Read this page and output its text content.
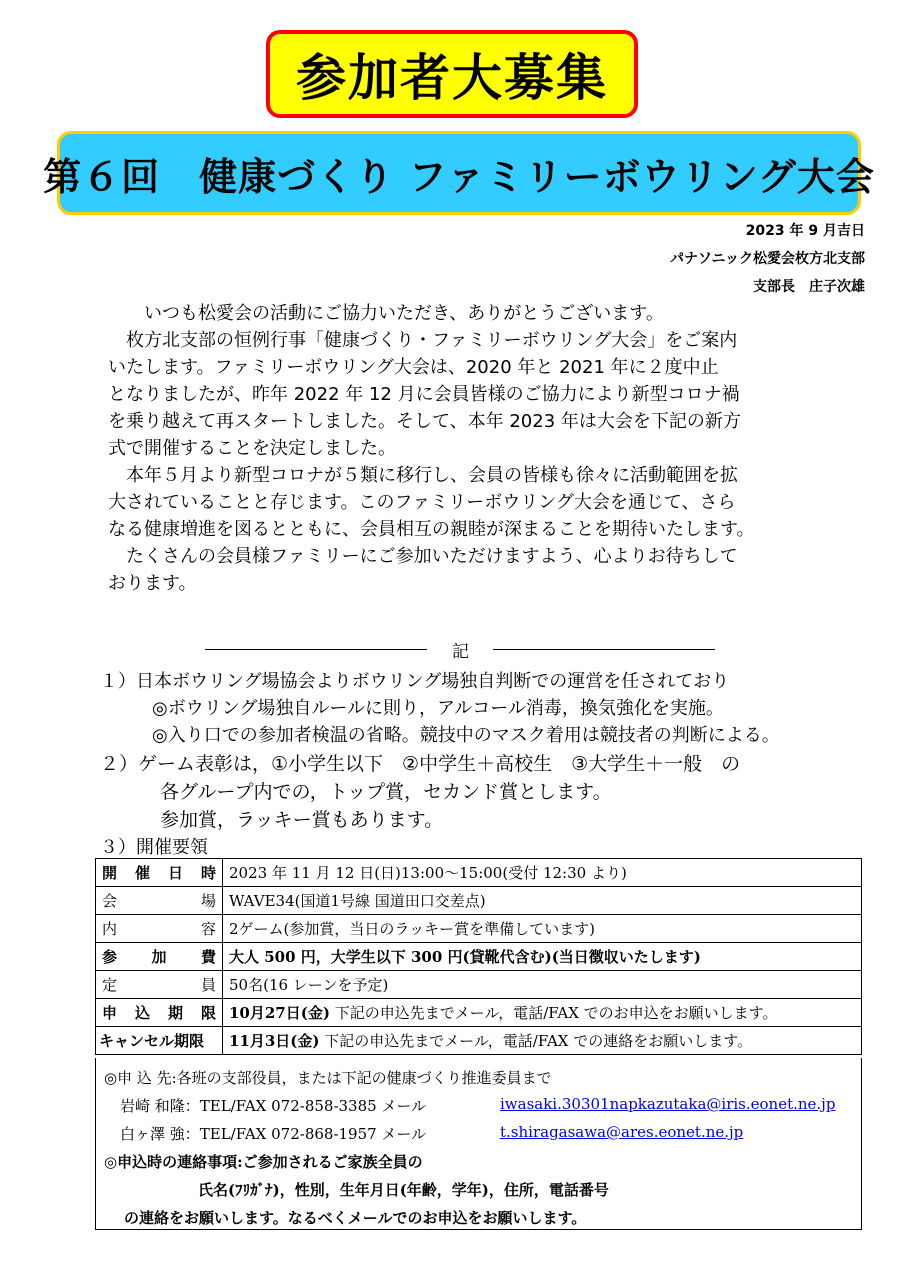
参加者大募集
第６回　健康づくり ファミリーボウリング大会
2023 年 9 月吉日
パナソニック松愛会枚方北支部
支部長　庄子次雄
　　いつも松愛会の活動にご協力いただき、ありがとうございます。
　枚方北支部の恒例行事「健康づくり・ファミリーボウリング大会」をご案内
いたします。ファミリーボウリング大会は、2020 年と 2021 年に２度中止
となりましたが、昨年 2022 年 12 月に会員皆様のご協力により新型コロナ禍
を乗り越えて再スタートしました。そして、本年 2023 年は大会を下記の新方
式で開催することを決定しました。
　本年５月より新型コロナが５類に移行し、会員の皆様も徐々に活動範囲を拡
大されていることと存じます。このファミリーボウリング大会を通じて、さら
なる健康増進を図るとともに、会員相互の親睦が深まることを期待いたします。
　たくさんの会員様ファミリーにご参加いただけますよう、心よりお待ちして
おります。
記
１）日本ボウリング場協会よりボウリング場独自判断での運営を任されており
◎ボウリング場独自ルールに則り，アルコール消毒，換気強化を実施。
◎入り口での参加者検温の省略。競技中のマスク着用は競技者の判断による。
２）ゲーム表彰は，①小学生以下　②中学生＋高校生　③大学生＋一般　の
各グループ内での，トップ賞，セカンド賞とします。
参加賞，ラッキー賞もあります。
３）開催要領
開 催 日 時	2023 年 11 月 12 日(日)13:00～15:00(受付 12:30 より)

会 場	WAVE34(国道1号線 国道田口交差点)

内 容	2ゲーム(参加賞，当日のラッキー賞を準備しています)

参 加 費	大人 500 円，大学生以下 300 円(貸靴代含む)(当日徴収いたします)

定 員	50名(16 レーンを予定)

申 込 期 限	10月27日(金) 下記の申込先までメール，電話/FAX でのお申込をお願いします。
キャンセル期限	11月3日(金) 下記の申込先までメール，電話/FAX での連絡をお願いします。
◎申 込 先:各班の支部役員，または下記の健康づくり推進委員まで
岩崎 和隆：TEL/FAX 072-858-3385 メール	iwasaki.30301napkazutaka@iris.eonet.ne.jp
白ヶ澤 強：TEL/FAX 072-868-1957 メール	t.shiragasawa@ares.eonet.ne.jp
◎申込時の連絡事項:ご参加されるご家族全員の
氏名(ﾌﾘｶﾞﾅ)，性別，生年月日(年齢，学年)，住所，電話番号
の連絡をお願いします。なるべくメールでのお申込をお願いします。
